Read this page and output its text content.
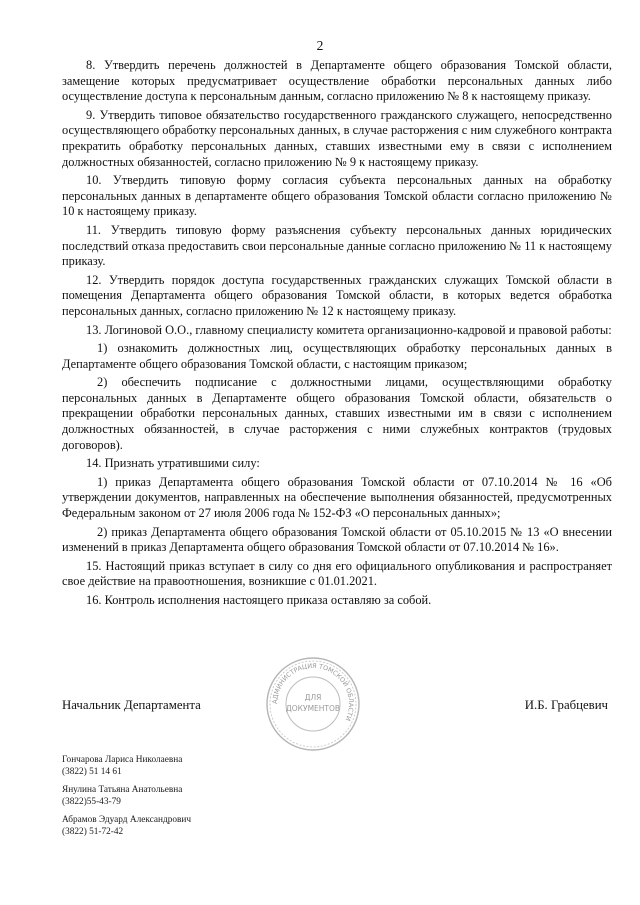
2

8. Утвердить перечень должностей в Департаменте общего образования Томской области, замещение которых предусматривает осуществление обработки персональных данных либо осуществление доступа к персональным данным, согласно приложению № 8 к настоящему приказу.

9. Утвердить типовое обязательство государственного гражданского служащего, непосредственно осуществляющего обработку персональных данных, в случае расторжения с ним служебного контракта прекратить обработку персональных данных, ставших известными ему в связи с исполнением должностных обязанностей, согласно приложению № 9 к настоящему приказу.

10. Утвердить типовую форму согласия субъекта персональных данных на обработку персональных данных в департаменте общего образования Томской области согласно приложению № 10 к настоящему приказу.

11. Утвердить типовую форму разъяснения субъекту персональных данных юридических последствий отказа предоставить свои персональные данные согласно приложению № 11 к настоящему приказу.

12. Утвердить порядок доступа государственных гражданских служащих Томской области в помещения Департамента общего образования Томской области, в которых ведется обработка персональных данных, согласно приложению № 12 к настоящему приказу.

13. Логиновой О.О., главному специалисту комитета организационно-кадровой и правовой работы:

1) ознакомить должностных лиц, осуществляющих обработку персональных данных в Департаменте общего образования Томской области, с настоящим приказом;

2) обеспечить подписание с должностными лицами, осуществляющими обработку персональных данных в Департаменте общего образования Томской области, обязательств о прекращении обработки персональных данных, ставших известными им в связи с исполнением должностных обязанностей, в случае расторжения с ними служебных контрактов (трудовых договоров).

14. Признать утратившими силу:

1) приказ Департамента общего образования Томской области от 07.10.2014 № 16 «Об утверждении документов, направленных на обеспечение выполнения обязанностей, предусмотренных Федеральным законом от 27 июля 2006 года № 152-ФЗ «О персональных данных»;

2) приказ Департамента общего образования Томской области от 05.10.2015 № 13 «О внесении изменений в приказ Департамента общего образования Томской области от 07.10.2014 № 16».

15. Настоящий приказ вступает в силу со дня его официального опубликования и распространяет свое действие на правоотношения, возникшие с 01.01.2021.

16. Контроль исполнения настоящего приказа оставляю за собой.

АДМИНИСТРАЦИЯ ТОМСКОЙ ОБЛАСТИ
ДЛЯ
ДОКУМЕНТОВ
Начальник Департамента	И.Б. Грабцевич
Гончарова Лариса Николаевна
(3822) 51 14 61
Янулина Татьяна Анатольевна
(3822)55-43-79
Абрамов Эдуард Александрович
(3822) 51-72-42
